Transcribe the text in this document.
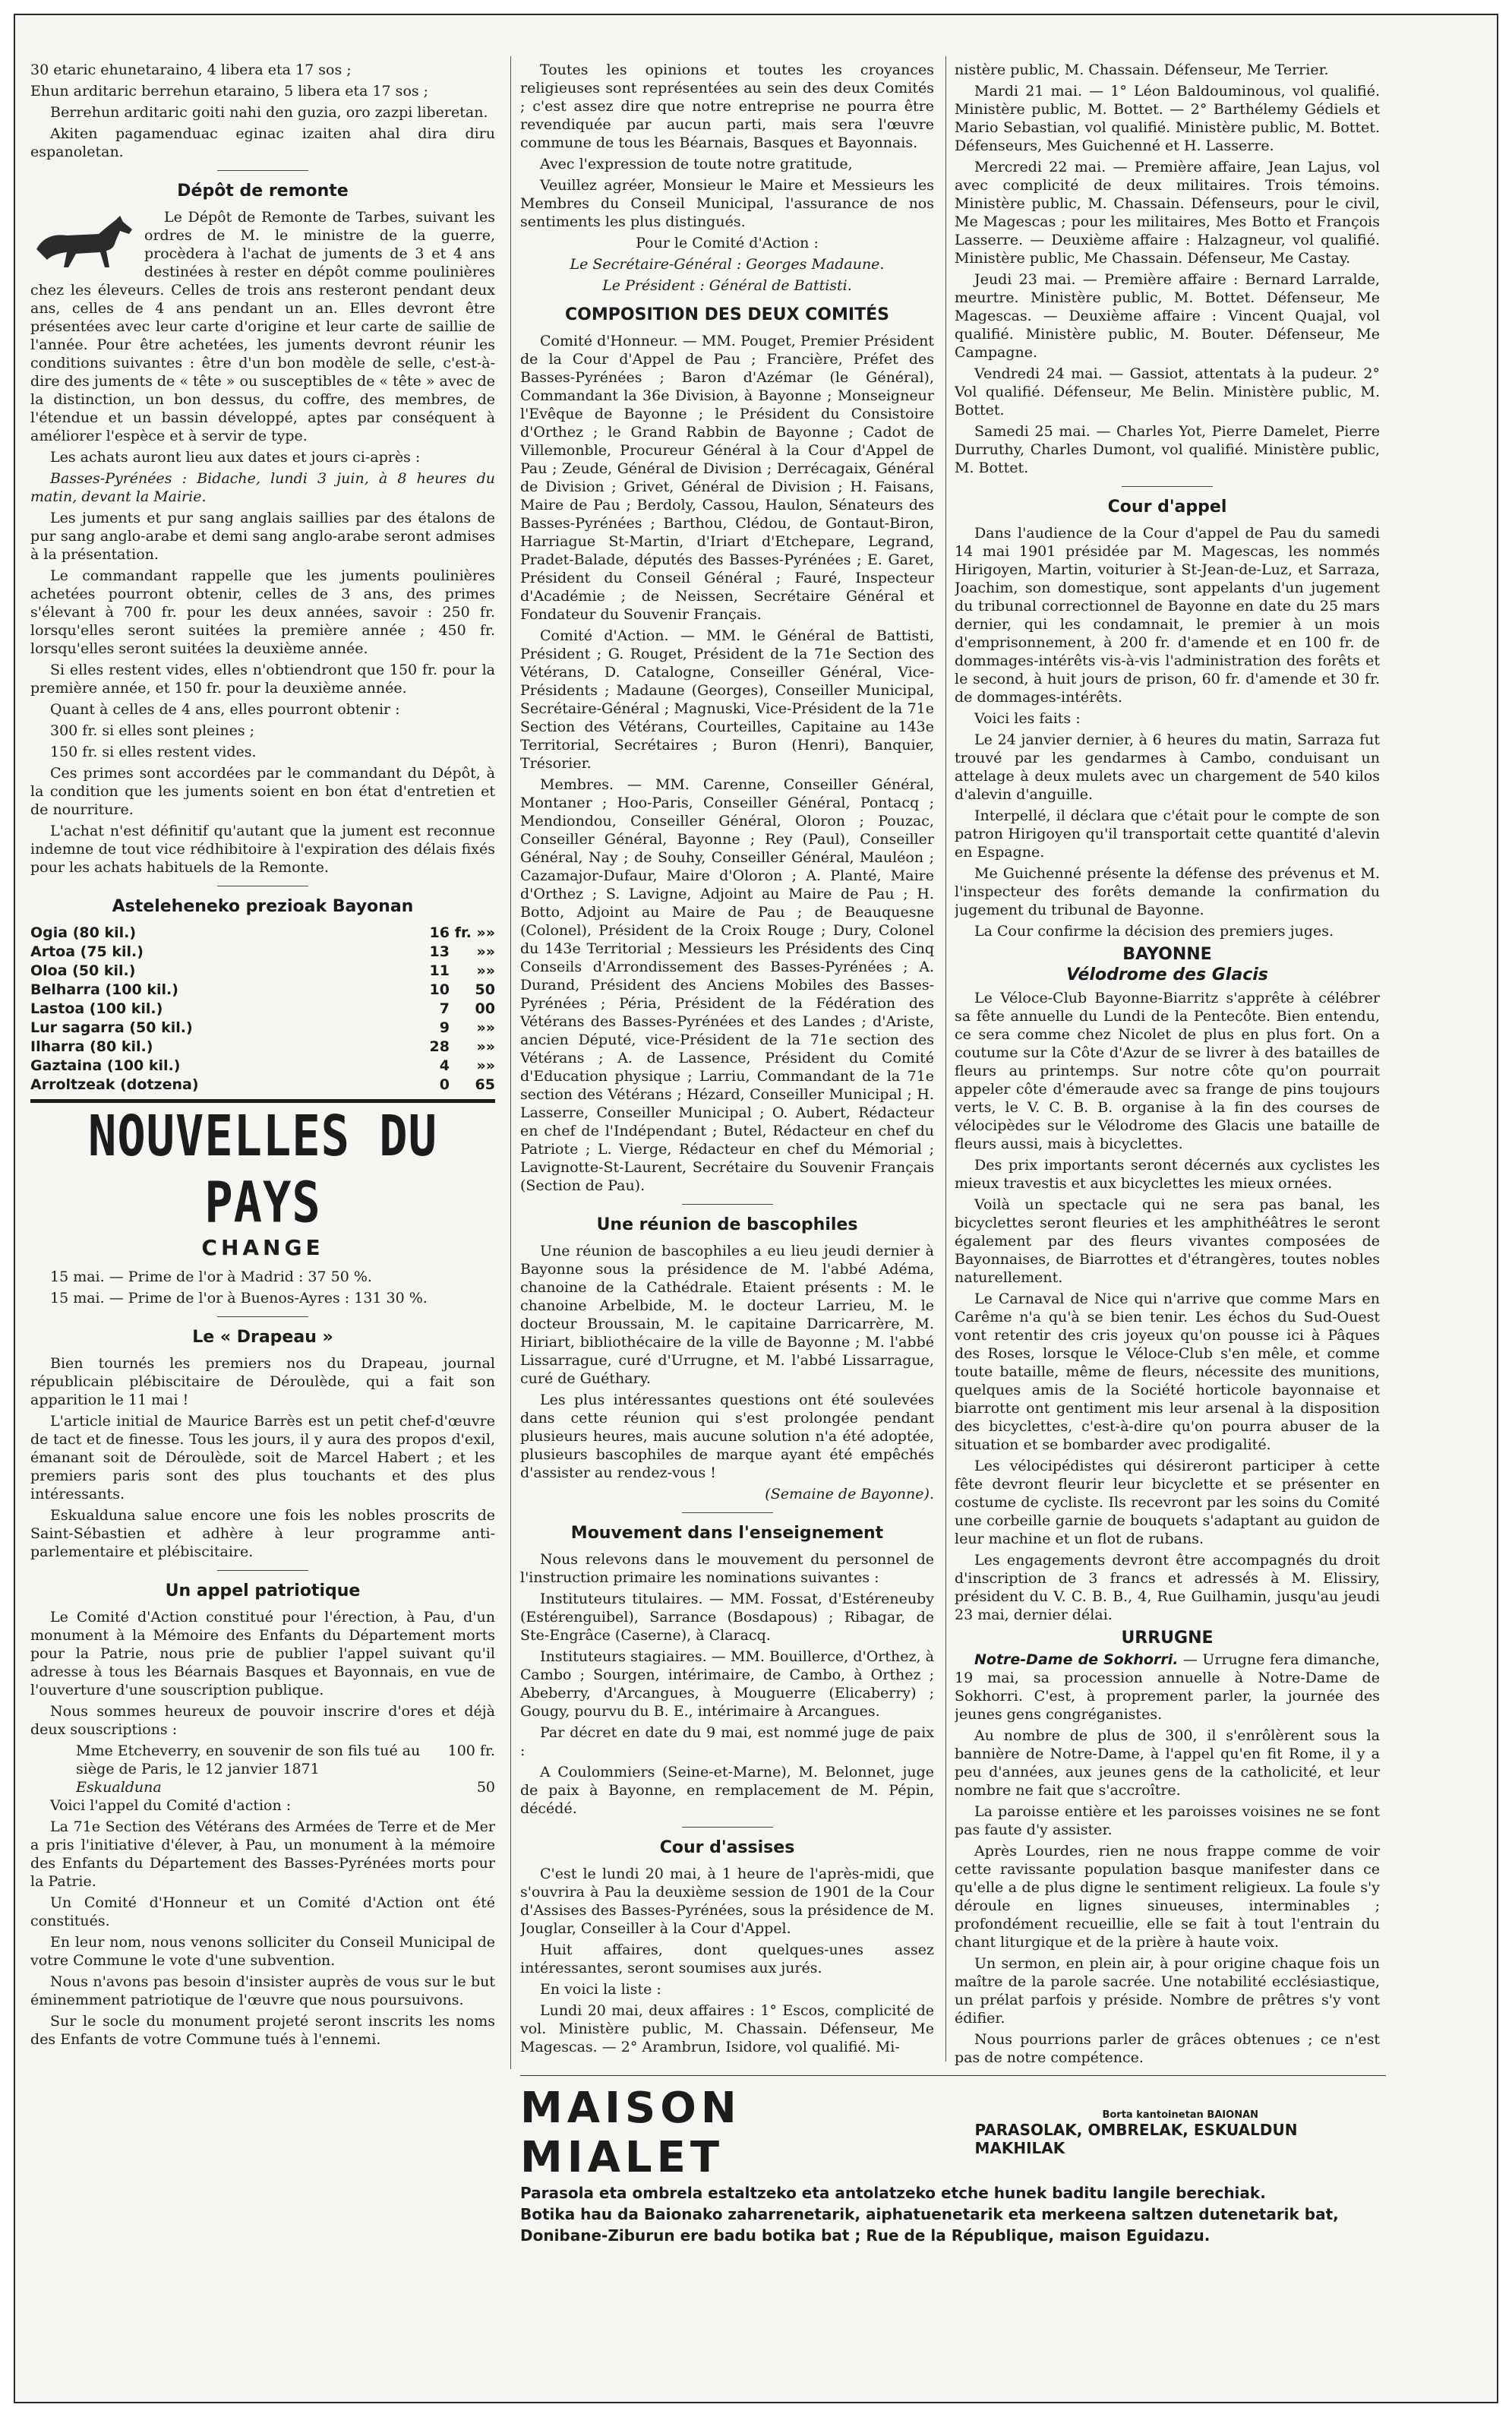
30 etaric ehunetaraino, 4 libera eta 17 sos ;

Ehun arditaric berrehun etaraino, 5 libera eta 17 sos ;

Berrehun arditaric goiti nahi den guzia, oro zazpi liberetan.

Akiten pagamenduac eginac izaiten ahal dira diru espanoletan.

Dépôt de remonte

Le Dépôt de Remonte de Tarbes, suivant les ordres de M. le ministre de la guerre, procèdera à l'achat de juments de 3 et 4 ans destinées à rester en dépôt comme poulinières chez les éleveurs. Celles de trois ans resteront pendant deux ans, celles de 4 ans pendant un an. Elles devront être présentées avec leur carte d'origine et leur carte de saillie de l'année. Pour être achetées, les juments devront réunir les conditions suivantes : être d'un bon modèle de selle, c'est-à-dire des juments de « tête » ou susceptibles de « tête » avec de la distinction, un bon dessus, du coffre, des membres, de l'étendue et un bassin développé, aptes par conséquent à améliorer l'espèce et à servir de type.

Les achats auront lieu aux dates et jours ci-après :

Basses-Pyrénées : Bidache, lundi 3 juin, à 8 heures du matin, devant la Mairie.

Les juments et pur sang anglais saillies par des étalons de pur sang anglo-arabe et demi sang anglo-arabe seront admises à la présentation.

Le commandant rappelle que les juments poulinières achetées pourront obtenir, celles de 3 ans, des primes s'élevant à 700 fr. pour les deux années, savoir : 250 fr. lorsqu'elles seront suitées la première année ; 450 fr. lorsqu'elles seront suitées la deuxième année.

Si elles restent vides, elles n'obtiendront que 150 fr. pour la première année, et 150 fr. pour la deuxième année.

Quant à celles de 4 ans, elles pourront obtenir :

300 fr. si elles sont pleines ;

150 fr. si elles restent vides.

Ces primes sont accordées par le commandant du Dépôt, à la condition que les juments soient en bon état d'entretien et de nourriture.

L'achat n'est définitif qu'autant que la jument est reconnue indemne de tout vice rédhibitoire à l'expiration des délais fixés pour les achats habituels de la Remonte.

Asteleheneko prezioak Bayonan
Ogia (80 kil.)	16 fr. »»
Artoa (75 kil.)	13	»»
Oloa (50 kil.)	11	»»
Belharra (100 kil.)	10	50
Lastoa (100 kil.)	7	00
Lur sagarra (50 kil.)	9	»»
Ilharra (80 kil.)	28	»»
Gaztaina (100 kil.)	4	»»
Arroltzeak (dotzena)	0	65
NOUVELLES DU PAYS
CHANGE

15 mai. — Prime de l'or à Madrid : 37 50 %.

15 mai. — Prime de l'or à Buenos-Ayres : 131 30 %.

Le « Drapeau »

Bien tournés les premiers nos du Drapeau, journal républicain plébiscitaire de Déroulède, qui a fait son apparition le 11 mai !

L'article initial de Maurice Barrès est un petit chef-d'œuvre de tact et de finesse. Tous les jours, il y aura des propos d'exil, émanant soit de Déroulède, soit de Marcel Habert ; et les premiers paris sont des plus touchants et des plus intéressants.

Eskualduna salue encore une fois les nobles proscrits de Saint-Sébastien et adhère à leur programme anti-parlementaire et plébiscitaire.

Un appel patriotique

Le Comité d'Action constitué pour l'érection, à Pau, d'un monument à la Mémoire des Enfants du Département morts pour la Patrie, nous prie de publier l'appel suivant qu'il adresse à tous les Béarnais Basques et Bayonnais, en vue de l'ouverture d'une souscription publique.

Nous sommes heureux de pouvoir inscrire d'ores et déjà deux souscriptions :

Mme Etcheverry, en souvenir de son fils tué au siège de Paris, le 12 janvier 1871
100 fr.
Eskualduna	50

Voici l'appel du Comité d'action :

La 71e Section des Vétérans des Armées de Terre et de Mer a pris l'initiative d'élever, à Pau, un monument à la mémoire des Enfants du Département des Basses-Pyrénées morts pour la Patrie.

Un Comité d'Honneur et un Comité d'Action ont été constitués.

En leur nom, nous venons solliciter du Conseil Municipal de votre Commune le vote d'une subvention.

Nous n'avons pas besoin d'insister auprès de vous sur le but éminemment patriotique de l'œuvre que nous poursuivons.

Sur le socle du monument projeté seront inscrits les noms des Enfants de votre Commune tués à l'ennemi.

Toutes les opinions et toutes les croyances religieuses sont représentées au sein des deux Comités ; c'est assez dire que notre entreprise ne pourra être revendiquée par aucun parti, mais sera l'œuvre commune de tous les Béarnais, Basques et Bayonnais.

Avec l'expression de toute notre gratitude,

Veuillez agréer, Monsieur le Maire et Messieurs les Membres du Conseil Municipal, l'assurance de nos sentiments les plus distingués.

Pour le Comité d'Action :

Le Secrétaire-Général : Georges Madaune.

Le Président : Général de Battisti.

COMPOSITION DES DEUX COMITÉS

Comité d'Honneur. — MM. Pouget, Premier Président de la Cour d'Appel de Pau ; Francière, Préfet des Basses-Pyrénées ; Baron d'Azémar (le Général), Commandant la 36e Division, à Bayonne ; Monseigneur l'Evêque de Bayonne ; le Président du Consistoire d'Orthez ; le Grand Rabbin de Bayonne ; Cadot de Villemonble, Procureur Général à la Cour d'Appel de Pau ; Zeude, Général de Division ; Derrécagaix, Général de Division ; Grivet, Général de Division ; H. Faisans, Maire de Pau ; Berdoly, Cassou, Haulon, Sénateurs des Basses-Pyrénées ; Barthou, Clédou, de Gontaut-Biron, Harriague St-Martin, d'Iriart d'Etchepare, Legrand, Pradet-Balade, députés des Basses-Pyrénées ; E. Garet, Président du Conseil Général ; Fauré, Inspecteur d'Académie ; de Neissen, Secrétaire Général et Fondateur du Souvenir Français.

Comité d'Action. — MM. le Général de Battisti, Président ; G. Rouget, Président de la 71e Section des Vétérans, D. Catalogne, Conseiller Général, Vice-Présidents ; Madaune (Georges), Conseiller Municipal, Secrétaire-Général ; Magnuski, Vice-Président de la 71e Section des Vétérans, Courteilles, Capitaine au 143e Territorial, Secrétaires ; Buron (Henri), Banquier, Trésorier.

Membres. — MM. Carenne, Conseiller Général, Montaner ; Hoo-Paris, Conseiller Général, Pontacq ; Mendiondou, Conseiller Général, Oloron ; Pouzac, Conseiller Général, Bayonne ; Rey (Paul), Conseiller Général, Nay ; de Souhy, Conseiller Général, Mauléon ; Cazamajor-Dufaur, Maire d'Oloron ; A. Planté, Maire d'Orthez ; S. Lavigne, Adjoint au Maire de Pau ; H. Botto, Adjoint au Maire de Pau ; de Beauquesne (Colonel), Président de la Croix Rouge ; Dury, Colonel du 143e Territorial ; Messieurs les Présidents des Cinq Conseils d'Arrondissement des Basses-Pyrénées ; A. Durand, Président des Anciens Mobiles des Basses-Pyrénées ; Péria, Président de la Fédération des Vétérans des Basses-Pyrénées et des Landes ; d'Ariste, ancien Député, vice-Président de la 71e section des Vétérans ; A. de Lassence, Président du Comité d'Education physique ; Larriu, Commandant de la 71e section des Vétérans ; Hézard, Conseiller Municipal ; H. Lasserre, Conseiller Municipal ; O. Aubert, Rédacteur en chef de l'Indépendant ; Butel, Rédacteur en chef du Patriote ; L. Vierge, Rédacteur en chef du Mémorial ; Lavignotte-St-Laurent, Secrétaire du Souvenir Français (Section de Pau).

Une réunion de bascophiles

Une réunion de bascophiles a eu lieu jeudi dernier à Bayonne sous la présidence de M. l'abbé Adéma, chanoine de la Cathédrale. Etaient présents : M. le chanoine Arbelbide, M. le docteur Larrieu, M. le docteur Broussain, M. le capitaine Darricarrère, M. Hiriart, bibliothécaire de la ville de Bayonne ; M. l'abbé Lissarrague, curé d'Urrugne, et M. l'abbé Lissarrague, curé de Guéthary.

Les plus intéressantes questions ont été soulevées dans cette réunion qui s'est prolongée pendant plusieurs heures, mais aucune solution n'a été adoptée, plusieurs bascophiles de marque ayant été empêchés d'assister au rendez-vous !

(Semaine de Bayonne).

Mouvement dans l'enseignement

Nous relevons dans le mouvement du personnel de l'instruction primaire les nominations suivantes :

Instituteurs titulaires. — MM. Fossat, d'Estéreneuby (Estérenguibel), Sarrance (Bosdapous) ; Ribagar, de Ste-Engrâce (Caserne), à Claracq.

Instituteurs stagiaires. — MM. Bouillerce, d'Orthez, à Cambo ; Sourgen, intérimaire, de Cambo, à Orthez ; Abeberry, d'Arcangues, à Mouguerre (Elicaberry) ; Gougy, pourvu du B. E., intérimaire à Arcangues.

Par décret en date du 9 mai, est nommé juge de paix :

A Coulommiers (Seine-et-Marne), M. Belonnet, juge de paix à Bayonne, en remplacement de M. Pépin, décédé.

Cour d'assises

C'est le lundi 20 mai, à 1 heure de l'après-midi, que s'ouvrira à Pau la deuxième session de 1901 de la Cour d'Assises des Basses-Pyrénées, sous la présidence de M. Jouglar, Conseiller à la Cour d'Appel.

Huit affaires, dont quelques-unes assez intéressantes, seront soumises aux jurés.

En voici la liste :

Lundi 20 mai, deux affaires : 1° Escos, complicité de vol. Ministère public, M. Chassain. Défenseur, Me Magescas. — 2° Arambrun, Isidore, vol qualifié. Mi-

nistère public, M. Chassain. Défenseur, Me Terrier.

Mardi 21 mai. — 1° Léon Baldouminous, vol qualifié. Ministère public, M. Bottet. — 2° Barthélemy Gédiels et Mario Sebastian, vol qualifié. Ministère public, M. Bottet. Défenseurs, Mes Guichenné et H. Lasserre.

Mercredi 22 mai. — Première affaire, Jean Lajus, vol avec complicité de deux militaires. Trois témoins. Ministère public, M. Chassain. Défenseurs, pour le civil, Me Magescas ; pour les militaires, Mes Botto et François Lasserre. — Deuxième affaire : Halzagneur, vol qualifié. Ministère public, Me Chassain. Défenseur, Me Castay.

Jeudi 23 mai. — Première affaire : Bernard Larralde, meurtre. Ministère public, M. Bottet. Défenseur, Me Magescas. — Deuxième affaire : Vincent Quajal, vol qualifié. Ministère public, M. Bouter. Défenseur, Me Campagne.

Vendredi 24 mai. — Gassiot, attentats à la pudeur. 2° Vol qualifié. Défenseur, Me Belin. Ministère public, M. Bottet.

Samedi 25 mai. — Charles Yot, Pierre Damelet, Pierre Durruthy, Charles Dumont, vol qualifié. Ministère public, M. Bottet.

Cour d'appel

Dans l'audience de la Cour d'appel de Pau du samedi 14 mai 1901 présidée par M. Magescas, les nommés Hirigoyen, Martin, voiturier à St-Jean-de-Luz, et Sarraza, Joachim, son domestique, sont appelants d'un jugement du tribunal correctionnel de Bayonne en date du 25 mars dernier, qui les condamnait, le premier à un mois d'emprisonnement, à 200 fr. d'amende et en 100 fr. de dommages-intérêts vis-à-vis l'administration des forêts et le second, à huit jours de prison, 60 fr. d'amende et 30 fr. de dommages-intérêts.

Voici les faits :

Le 24 janvier dernier, à 6 heures du matin, Sarraza fut trouvé par les gendarmes à Cambo, conduisant un attelage à deux mulets avec un chargement de 540 kilos d'alevin d'anguille.

Interpellé, il déclara que c'était pour le compte de son patron Hirigoyen qu'il transportait cette quantité d'alevin en Espagne.

Me Guichenné présente la défense des prévenus et M. l'inspecteur des forêts demande la confirmation du jugement du tribunal de Bayonne.

La Cour confirme la décision des premiers juges.

BAYONNE
Vélodrome des Glacis

Le Véloce-Club Bayonne-Biarritz s'apprête à célébrer sa fête annuelle du Lundi de la Pentecôte. Bien entendu, ce sera comme chez Nicolet de plus en plus fort. On a coutume sur la Côte d'Azur de se livrer à des batailles de fleurs au printemps. Sur notre côte qu'on pourrait appeler côte d'émeraude avec sa frange de pins toujours verts, le V. C. B. B. organise à la fin des courses de vélocipèdes sur le Vélodrome des Glacis une bataille de fleurs aussi, mais à bicyclettes.

Des prix importants seront décernés aux cyclistes les mieux travestis et aux bicyclettes les mieux ornées.

Voilà un spectacle qui ne sera pas banal, les bicyclettes seront fleuries et les amphithéâtres le seront également par des fleurs vivantes composées de Bayonnaises, de Biarrottes et d'étrangères, toutes nobles naturellement.

Le Carnaval de Nice qui n'arrive que comme Mars en Carême n'a qu'à se bien tenir. Les échos du Sud-Ouest vont retentir des cris joyeux qu'on pousse ici à Pâques des Roses, lorsque le Véloce-Club s'en mêle, et comme toute bataille, même de fleurs, nécessite des munitions, quelques amis de la Société horticole bayonnaise et biarrotte ont gentiment mis leur arsenal à la disposition des bicyclettes, c'est-à-dire qu'on pourra abuser de la situation et se bombarder avec prodigalité.

Les vélocipédistes qui désireront participer à cette fête devront fleurir leur bicyclette et se présenter en costume de cycliste. Ils recevront par les soins du Comité une corbeille garnie de bouquets s'adaptant au guidon de leur machine et un flot de rubans.

Les engagements devront être accompagnés du droit d'inscription de 3 francs et adressés à M. Elissiry, président du V. C. B. B., 4, Rue Guilhamin, jusqu'au jeudi 23 mai, dernier délai.

URRUGNE

Notre-Dame de Sokhorri. — Urrugne fera dimanche, 19 mai, sa procession annuelle à Notre-Dame de Sokhorri. C'est, à proprement parler, la journée des jeunes gens congréganistes.

Au nombre de plus de 300, il s'enrôlèrent sous la bannière de Notre-Dame, à l'appel qu'en fit Rome, il y a peu d'années, aux jeunes gens de la catholicité, et leur nombre ne fait que s'accroître.

La paroisse entière et les paroisses voisines ne se font pas faute d'y assister.

Après Lourdes, rien ne nous frappe comme de voir cette ravissante population basque manifester dans ce qu'elle a de plus digne le sentiment religieux. La foule s'y déroule en lignes sinueuses, interminables ; profondément recueillie, elle se fait à tout l'entrain du chant liturgique et de la prière à haute voix.

Un sermon, en plein air, à pour origine chaque fois un maître de la parole sacrée. Une notabilité ecclésiastique, un prélat parfois y préside. Nombre de prêtres s'y vont édifier.

Nous pourrions parler de grâces obtenues ; ce n'est pas de notre compétence.

MAISON MIALET
Borta kantoinetan BAIONAN
PARASOLAK, OMBRELAK, ESKUALDUN MAKHILAK
Parasola eta ombrela estaltzeko eta antolatzeko etche hunek baditu langile berechiak.
Botika hau da Baionako zaharrenetarik, aiphatuenetarik eta merkeena saltzen dutenetarik bat,
Donibane-Ziburun ere badu botika bat ; Rue de la République, maison Eguidazu.
